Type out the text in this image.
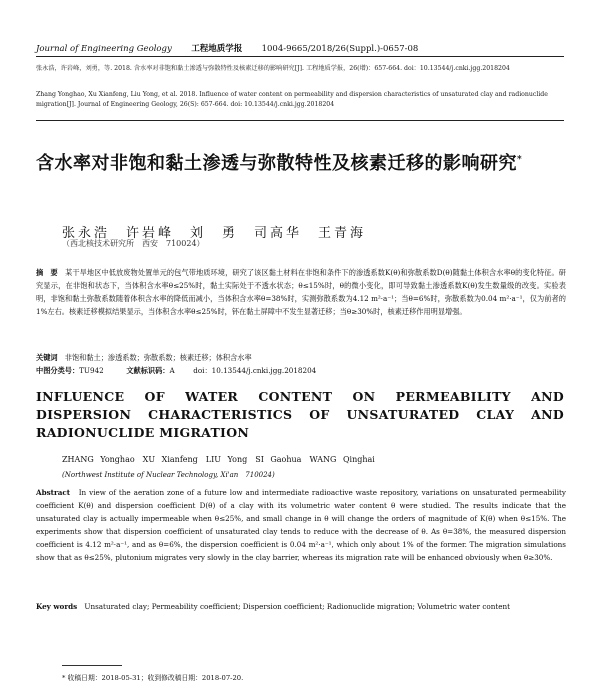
Journal of Engineering Geology 工程地质学报 1004-9665/2018/26(Suppl.)-0657-08
张永浩，许岩峰，刘勇，等. 2018. 含水率对非饱和黏土渗透与弥散特性及核素迁移的影响研究[J]. 工程地质学报，26(增)：657-664. doi：10.13544/j.cnki.jgg.2018204
Zhang Yonghao, Xu Xianfeng, Liu Yong, et al. 2018. Influence of water content on permeability and dispersion characteristics of unsaturated clay and radionuclide migration[J]. Journal of Engineering Geology, 26(S): 657-664. doi: 10.13544/j.cnki.jgg.2018204
含水率对非饱和黏土渗透与弥散特性及核素迁移的影响研究*
张永浩　许岩峰　刘　勇　司高华　王青海
（西北核技术研究所　西安　710024）
摘　要　 某干旱地区中低放废物处置单元的包气带地质环境，研究了该区黏土材料在非饱和条件下的渗透系数K(θ)和弥散系数D(θ)随黏土体积含水率θ的变化特征。研究显示，在非饱和状态下，当体积含水率θ≤25%时，黏土实际处于不透水状态；θ≤15%时，θ的微小变化，即可导致黏土渗透系数K(θ)发生数量级的改变。实验表明，非饱和黏土弥散系数随着体积含水率的降低而减小，当体积含水率θ=38%时，实测弥散系数为4.12 m²·a⁻¹；当θ=6%时，弥散系数为0.04 m²·a⁻¹，仅为前者的1%左右。核素迁移模拟结果显示，当体积含水率θ≤25%时，钚在黏土屏障中不发生显著迁移；当θ≥30%时，核素迁移作用明显增强。
关键词　 非饱和黏土；渗透系数；弥散系数；核素迁移；体积含水率
中图分类号：TU942	文献标识码：A	doi：10.13544/j.cnki.jgg.2018204
INFLUENCE OF WATER CONTENT ON PERMEABILITY AND DISPERSION CHARACTERISTICS OF UNSATURATED CLAY AND RADIONUCLIDE MIGRATION
ZHANG Yonghao　XU Xianfeng　LIU Yong　SI Gaohua　WANG Qinghai
(Northwest Institute of Nuclear Technology, Xi'an　710024)
Abstract　 In view of the aeration zone of a future low and intermediate radioactive waste repository, variations on unsaturated permeability coefficient K(θ) and dispersion coefficient D(θ) of a clay with its volumetric water content θ were studied. The results indicate that the unsaturated clay is actually impermeable when θ≤25%, and small change in θ will change the orders of magnitude of K(θ) when θ≤15%. The experiments show that dispersion coefficient of unsaturated clay tends to reduce with the decrease of θ. As θ=38%, the measured dispersion coefficient is 4.12 m²·a⁻¹, and as θ=6%, the dispersion coefficient is 0.04 m²·a⁻¹, which only about 1% of the former. The migration simulations show that as θ≤25%, plutonium migrates very slowly in the clay barrier, whereas its migration rate will be enhanced obviously when θ≥30%.
Key words　 Unsaturated clay; Permeability coefficient; Dispersion coefficient; Radionuclide migration; Volumetric water content
* 收稿日期：2018-05-31；收到修改稿日期：2018-07-20.
